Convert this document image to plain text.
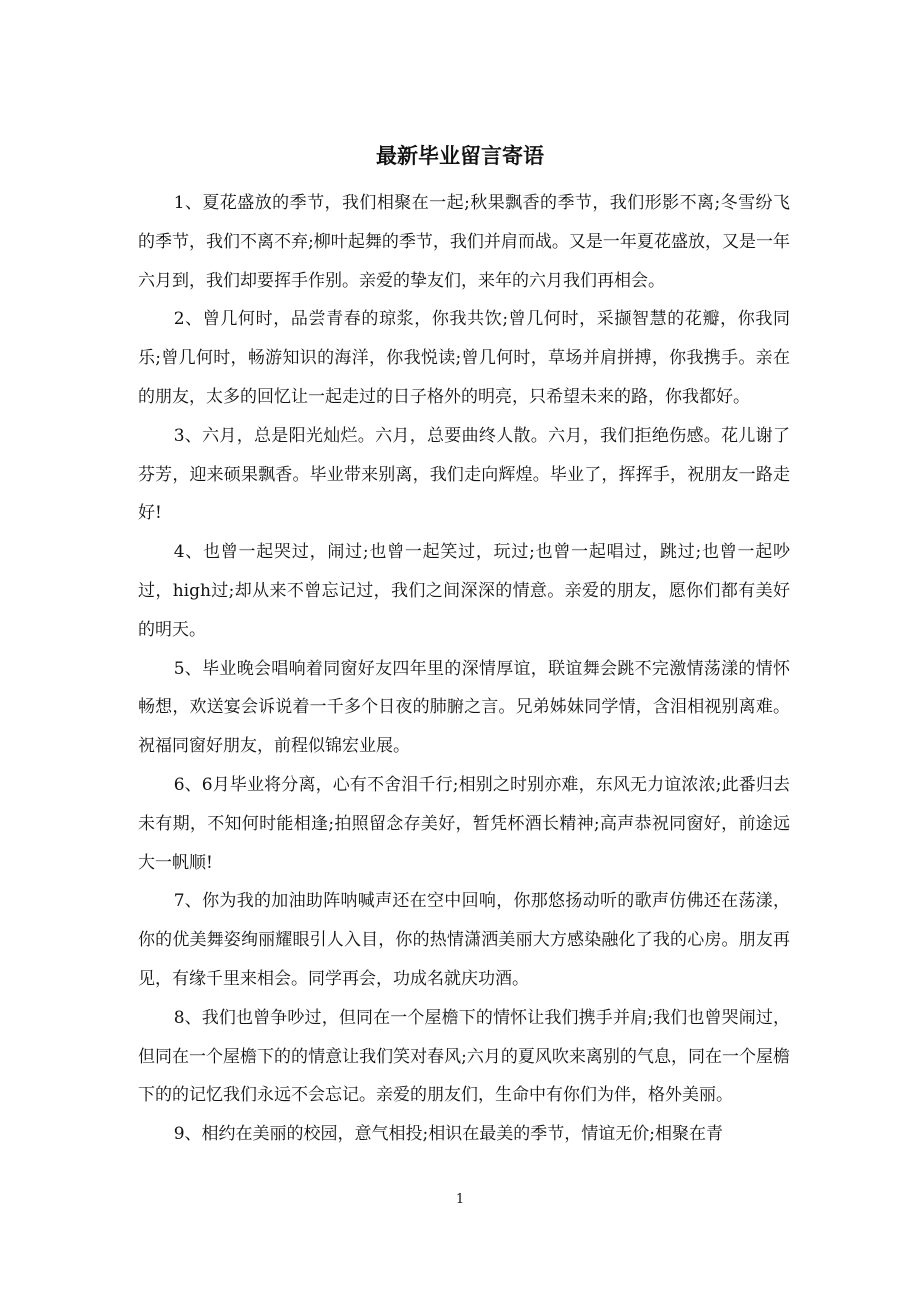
最新毕业留言寄语

1、夏花盛放的季节，我们相聚在一起;秋果飘香的季节，我们形影不离;冬雪纷飞的季节，我们不离不弃;柳叶起舞的季节，我们并肩而战。又是一年夏花盛放，又是一年六月到，我们却要挥手作别。亲爱的挚友们，来年的六月我们再相会。

2、曾几何时，品尝青春的琼浆，你我共饮;曾几何时，采撷智慧的花瓣，你我同乐;曾几何时，畅游知识的海洋，你我悦读;曾几何时，草场并肩拼搏，你我携手。亲在的朋友，太多的回忆让一起走过的日子格外的明亮，只希望未来的路，你我都好。

3、六月，总是阳光灿烂。六月，总要曲终人散。六月，我们拒绝伤感。花儿谢了芬芳，迎来硕果飘香。毕业带来别离，我们走向辉煌。毕业了，挥挥手，祝朋友一路走好!

4、也曾一起哭过，闹过;也曾一起笑过，玩过;也曾一起唱过，跳过;也曾一起吵过，high过;却从来不曾忘记过，我们之间深深的情意。亲爱的朋友，愿你们都有美好的明天。

5、毕业晚会唱响着同窗好友四年里的深情厚谊，联谊舞会跳不完激情荡漾的情怀畅想，欢送宴会诉说着一千多个日夜的肺腑之言。兄弟姊妹同学情，含泪相视别离难。祝福同窗好朋友，前程似锦宏业展。

6、6月毕业将分离，心有不舍泪千行;相别之时别亦难，东风无力谊浓浓;此番归去未有期，不知何时能相逢;拍照留念存美好，暂凭杯酒长精神;高声恭祝同窗好，前途远大一帆顺!

7、你为我的加油助阵呐喊声还在空中回响，你那悠扬动听的歌声仿佛还在荡漾，你的优美舞姿绚丽耀眼引人入目，你的热情潇洒美丽大方感染融化了我的心房。朋友再见，有缘千里来相会。同学再会，功成名就庆功酒。

8、我们也曾争吵过，但同在一个屋檐下的情怀让我们携手并肩;我们也曾哭闹过，但同在一个屋檐下的的情意让我们笑对春风;六月的夏风吹来离别的气息，同在一个屋檐下的的记忆我们永远不会忘记。亲爱的朋友们，生命中有你们为伴，格外美丽。

9、相约在美丽的校园，意气相投;相识在最美的季节，情谊无价;相聚在青

1
